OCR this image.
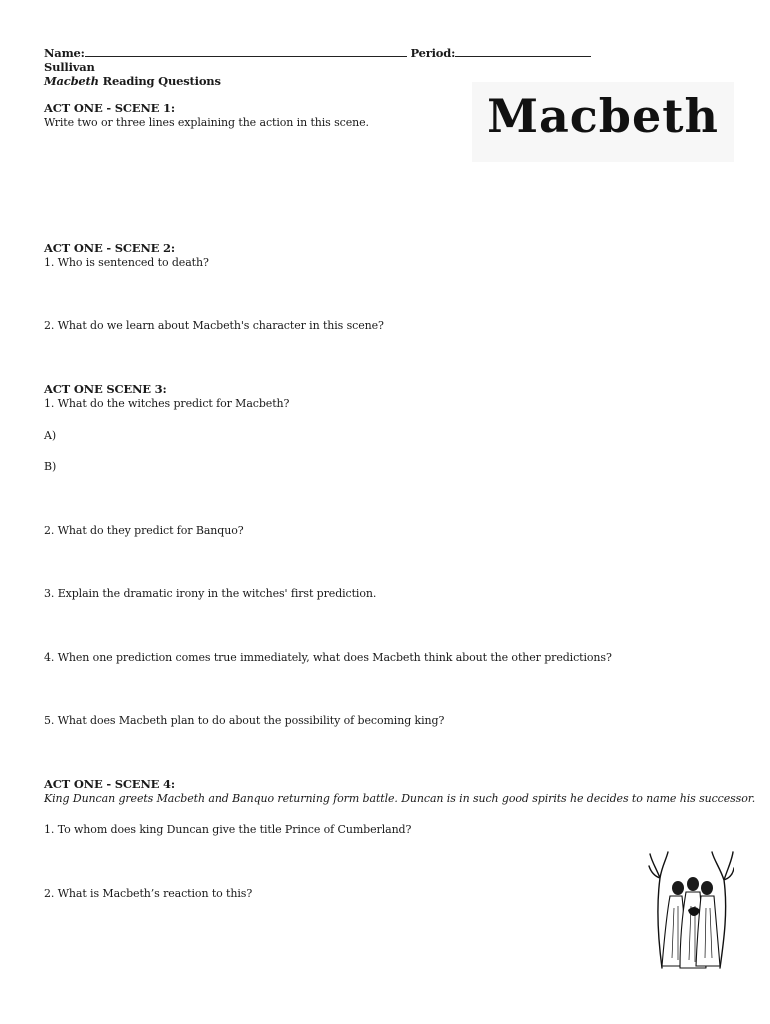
Name:	Period:
Sullivan
Macbeth Reading Questions
Macbeth
ACT ONE - SCENE 1:
Write two or three lines explaining the action in this scene.
ACT ONE - SCENE 2:
1. Who is sentenced to death?
2. What do we learn about Macbeth's character in this scene?
ACT ONE SCENE 3:
1. What do the witches predict for Macbeth?
A)
B)
2. What do they predict for Banquo?
3. Explain the dramatic irony in the witches' first prediction.
4. When one prediction comes true immediately, what does Macbeth think about the other predictions?
5. What does Macbeth plan to do about the possibility of becoming king?
ACT ONE - SCENE 4:
King Duncan greets Macbeth and Banquo returning form battle. Duncan is in such good spirits he decides to name his successor.
1. To whom does king Duncan give the title Prince of Cumberland?
2. What is Macbeth’s reaction to this?
